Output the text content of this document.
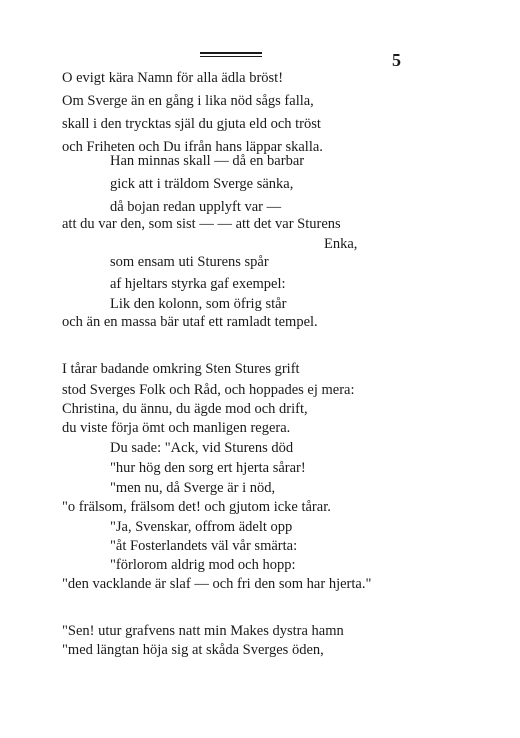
5
O evigt kära Namn för alla ädla bröst!
Om Sverge än en gång i lika nöd sågs falla,
skall i den trycktas själ du gjuta eld och tröst
och Friheten och Du ifrån hans läppar skalla.
Han minnas skall — då en barbar
gick att i träldom Sverge sänka,
då bojan redan upplyft var —
att du var den, som sist — — att det var Sturens
Enka,
som ensam uti Sturens spår
af hjeltars styrka gaf exempel:
Lik den kolonn, som öfrig står
och än en massa bär utaf ett ramladt tempel.
I tårar badande omkring Sten Stures grift
stod Sverges Folk och Råd, och hoppades ej mera:
Christina, du ännu, du ägde mod och drift,
du viste förja ömt och manligen regera.
Du sade: "Ack, vid Sturens död
"hur hög den sorg ert hjerta sårar!
"men nu, då Sverge är i nöd,
"o frälsom, frälsom det! och gjutom icke tårar.
"Ja, Svenskar, offrom ädelt opp
"åt Fosterlandets väl vår smärta:
"förlorom aldrig mod och hopp:
"den vacklande är slaf — och fri den som har hjerta."
"Sen! utur grafvens natt min Makes dystra hamn
"med längtan höja sig at skåda Sverges öden,
